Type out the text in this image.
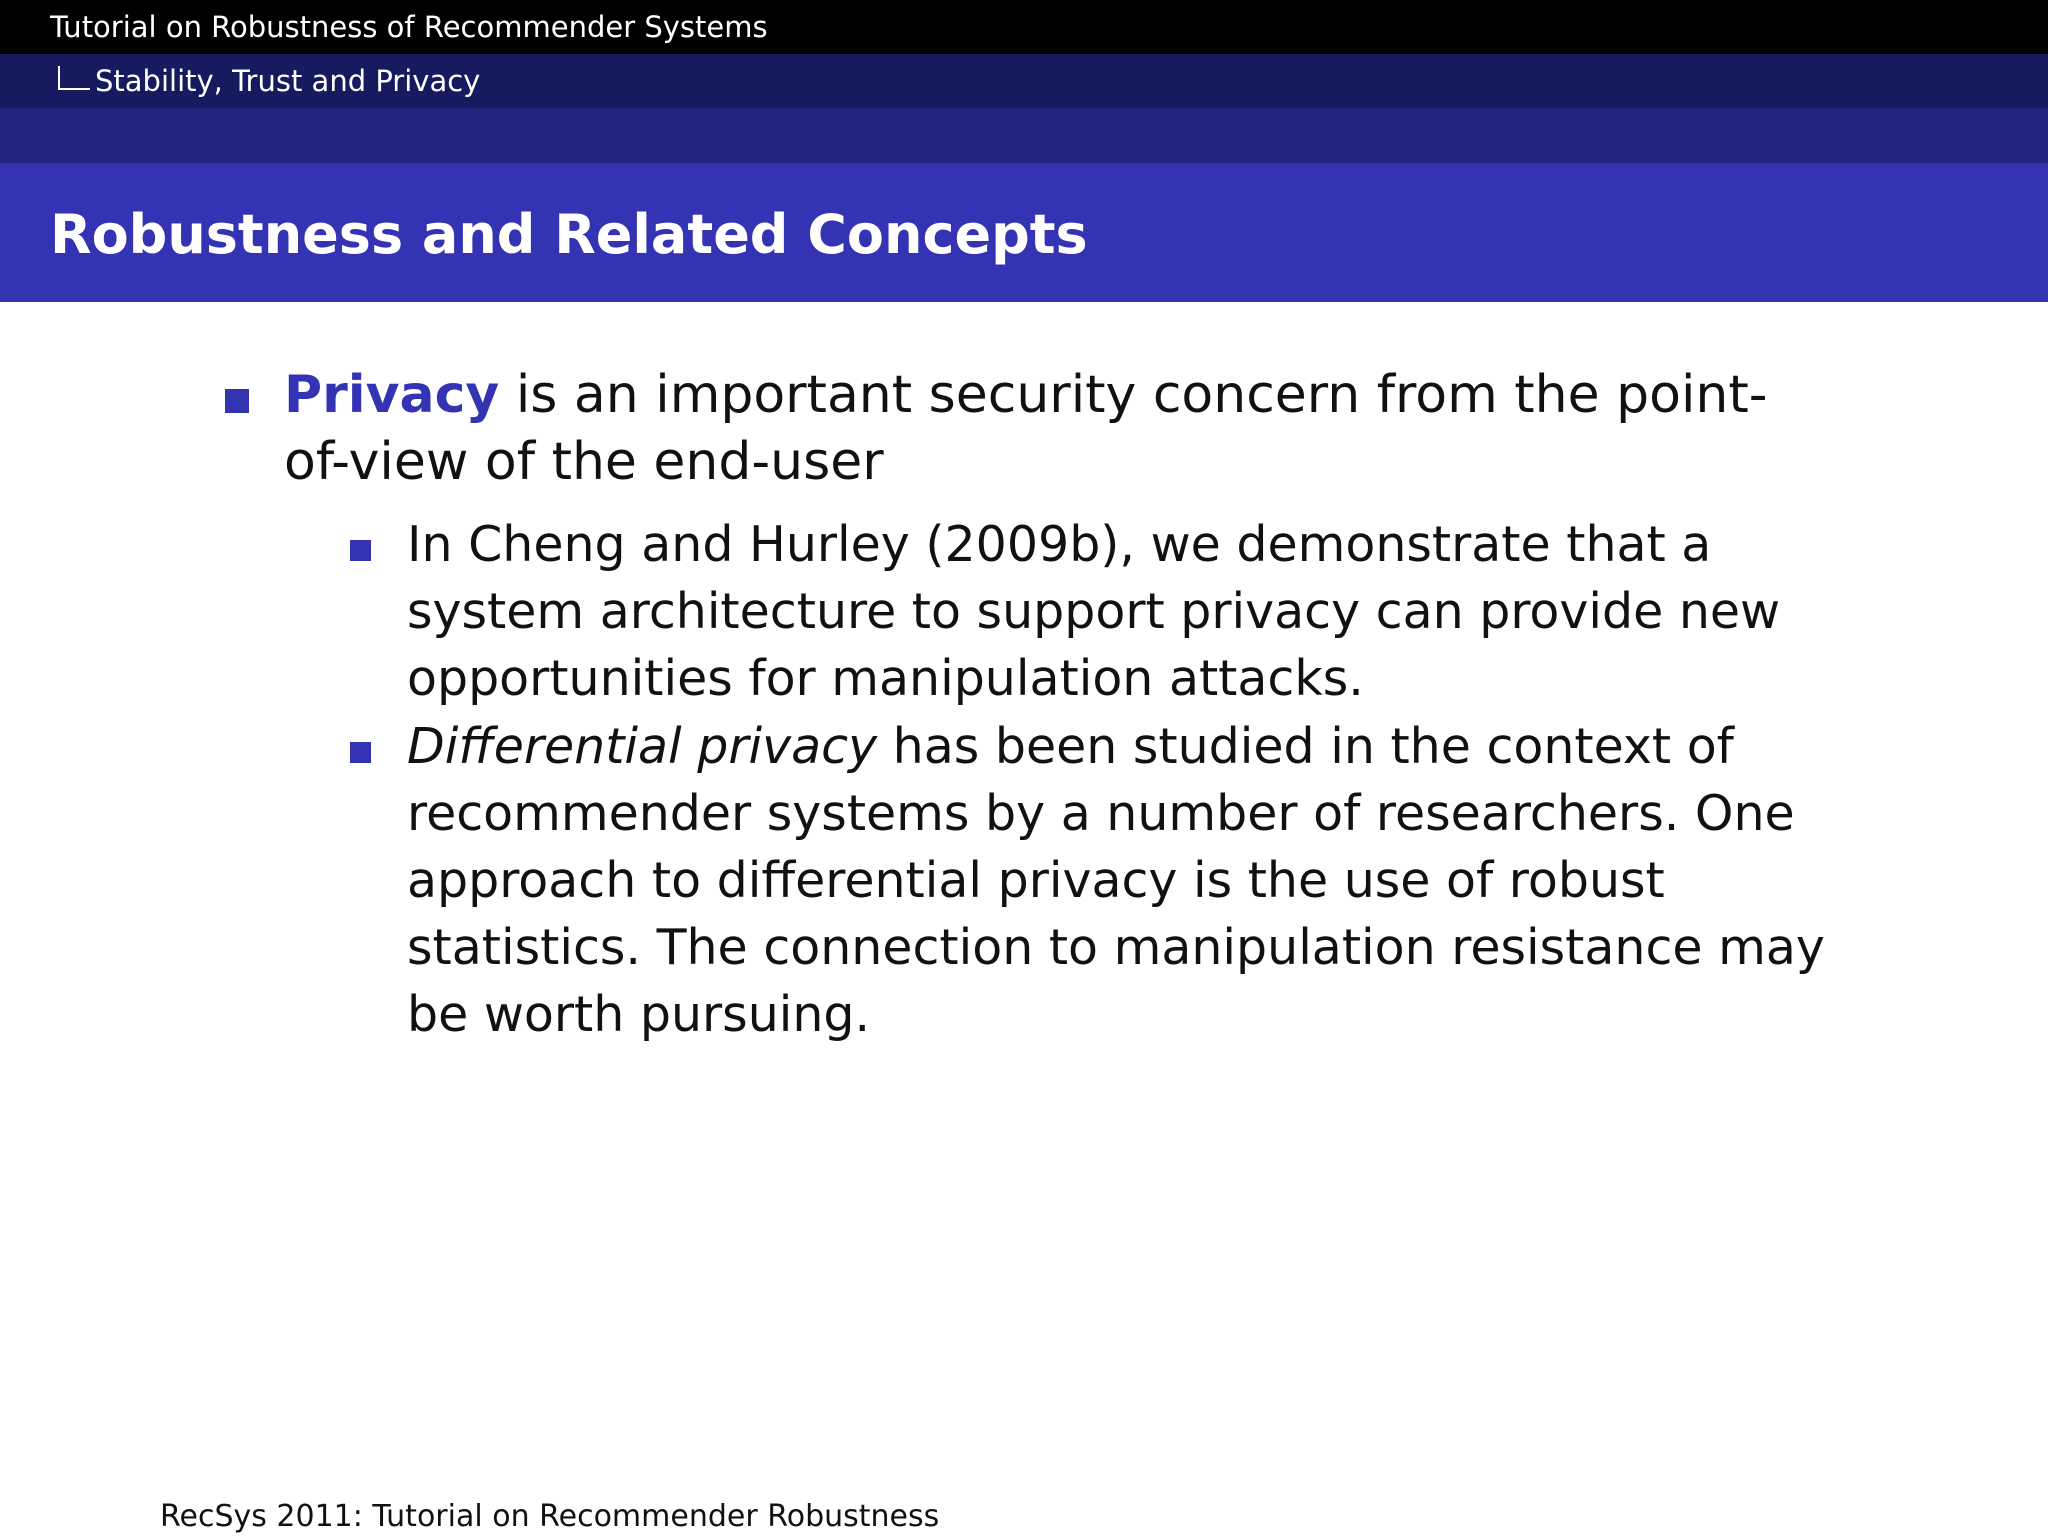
Tutorial on Robustness of Recommender Systems
Stability, Trust and Privacy
Robustness and Related Concepts
Privacy is an important security concern from the point-of-view of the end-user
In Cheng and Hurley (2009b), we demonstrate that a system architecture to support privacy can provide new opportunities for manipulation attacks.
Differential privacy has been studied in the context of recommender systems by a number of researchers. One approach to differential privacy is the use of robust statistics. The connection to manipulation resistance may be worth pursuing.
RecSys 2011: Tutorial on Recommender Robustness
